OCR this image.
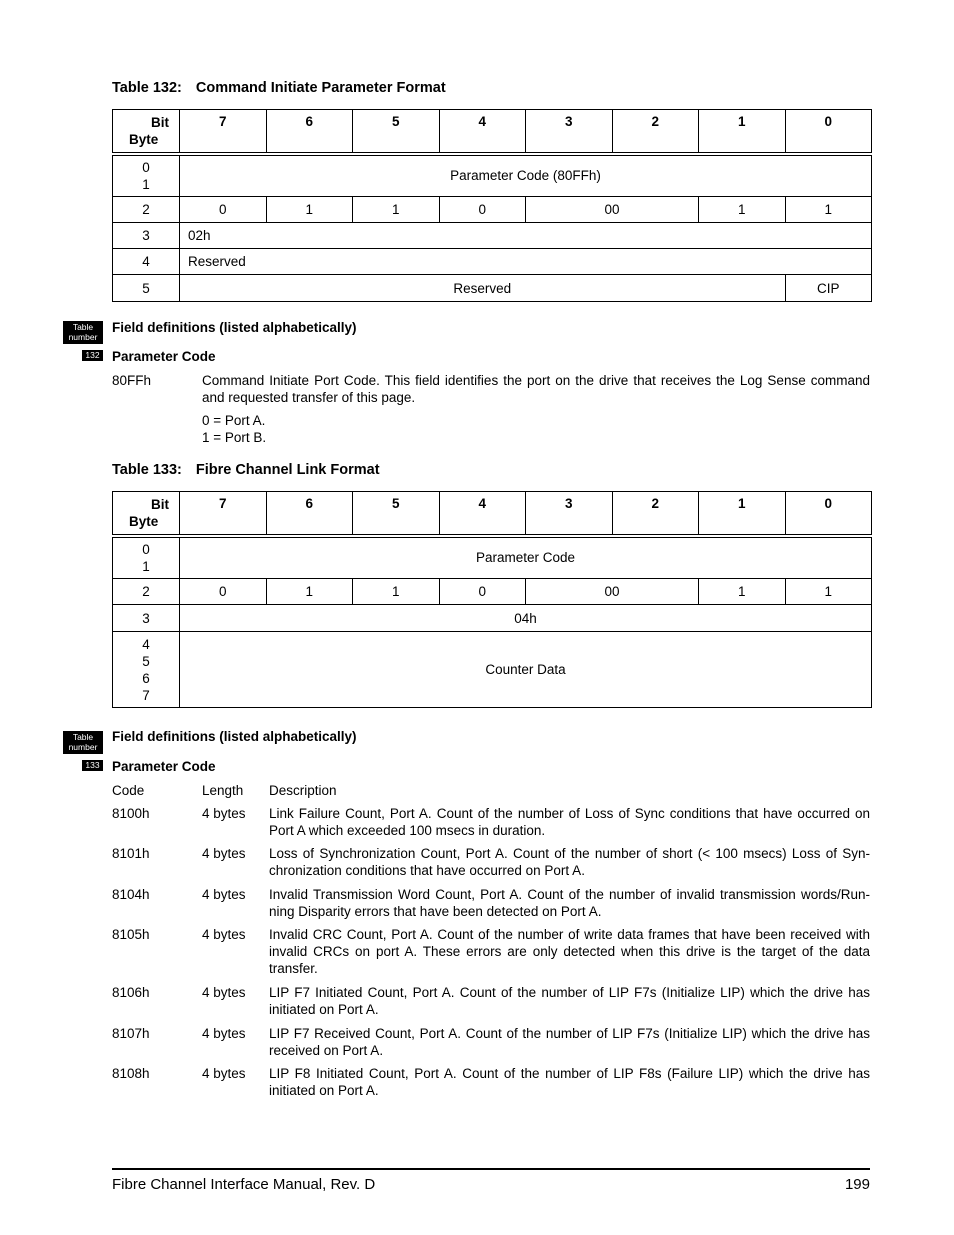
Table 132: Command Initiate Parameter Format
Bit
Byte	7	6	5	4	3	2	1	0

0
1	Parameter Code (80FFh)							
2	0	1	1	0	00		1	1
3	02h							
4	Reserved							
5	Reserved							CIP
Table
number
Field definitions (listed alphabetically)
132 Parameter Code
80FFh	Command Initiate Port Code. This field identifies the port on the drive that receives the Log Sense command and requested transfer of this page.
0 = Port A.
1 = Port B.
Table 133: Fibre Channel Link Format
Bit
Byte	7	6	5	4	3	2	1	0

0
1	Parameter Code							
2	0	1	1	0	00		1	1
3	04h							

4
5
6
7	Counter Data							
Table
number
Field definitions (listed alphabetically)
133 Parameter Code
Code	Length Description
8100h	4 bytes Link Failure Count, Port A. Count of the number of Loss of Sync conditions that have occurred on Port A which exceeded 100 msecs in duration.
8101h	4 bytes Loss of Synchronization Count, Port A. Count of the number of short (< 100 msecs) Loss of Syn-chronization conditions that have occurred on Port A.
8104h	4 bytes Invalid Transmission Word Count, Port A. Count of the number of invalid transmission words/Run-ning Disparity errors that have been detected on Port A.
8105h	4 bytes Invalid CRC Count, Port A. Count of the number of write data frames that have been received with invalid CRCs on port A. These errors are only detected when this drive is the target of the data transfer.
8106h	4 bytes LIP F7 Initiated Count, Port A. Count of the number of LIP F7s (Initialize LIP) which the drive has initiated on Port A.
8107h	4 bytes LIP F7 Received Count, Port A. Count of the number of LIP F7s (Initialize LIP) which the drive has received on Port A.
8108h	4 bytes LIP F8 Initiated Count, Port A. Count of the number of LIP F8s (Failure LIP) which the drive has initiated on Port A.
Fibre Channel Interface Manual, Rev. D	199
